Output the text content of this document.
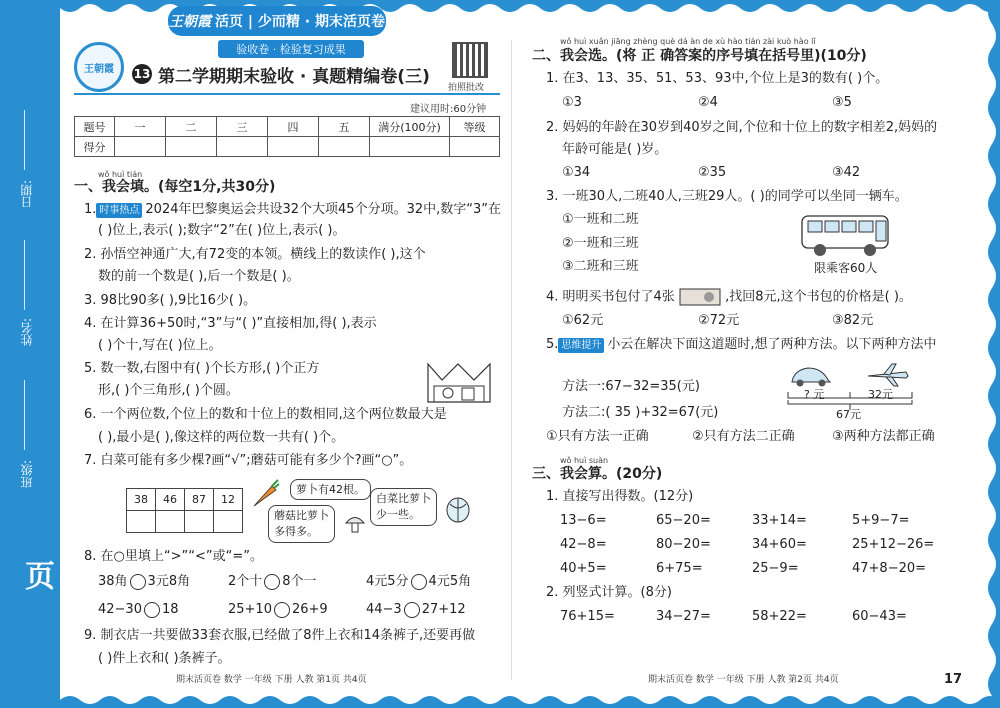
日期:
姓名:
班级:
王朝霞活页
王朝霞 活页 | 少而精 · 期末活页卷
王朝霞
验收卷 · 检验复习成果
13 第二学期期末验收 · 真题精编卷(三)
拍照批改
建议用时:60分钟
题号	一	二	三	四	五	满分(100分)	等级
得分							
wǒ huì tián
一、我会填。(每空1分,共30分)
1. 时事热点 2024年巴黎奥运会共设32个大项45个分项。32中,数字“3”在
( )位上,表示( );数字“2”在( )位上,表示( )。
2. 孙悟空神通广大,有72变的本领。横线上的数读作( ),这个
数的前一个数是( ),后一个数是( )。
3. 98比90多( ),9比16少( )。
4. 在计算36+50时,“3”与“( )”直接相加,得( ),表示
( )个十,写在( )位上。
5. 数一数,右图中有( )个长方形,( )个正方
形,( )个三角形,( )个圆。
6. 一个两位数,个位上的数和十位上的数相同,这个两位数最大是
( ),最小是( ),像这样的两位数一共有( )个。
7. 白菜可能有多少棵?画“√”;蘑菇可能有多少个?画“○”。
38	46	87	12

萝卜有42根。
白菜比萝卜
少一些。
蘑菇比萝卜
多得多。
8. 在○里填上“>”“<”或“=”。
38角 3元8角	2个十 8个一	4元5分 4元5角
42−30 18	25+10 26+9	44−3 27+12
9. 制衣店一共要做33套衣服,已经做了8件上衣和14条裤子,还要再做
( )件上衣和( )条裤子。
期末活页卷 数学 一年级 下册 人教 第1页 共4页
wǒ huì xuǎn jiāng zhèng què dá àn de xù hào tián zài kuò hào lǐ
二、我会选。(将 正 确答案的序号填在括号里)(10分)
1. 在3、13、35、51、53、93中,个位上是3的数有( )个。
①3	②4	③5
2. 妈妈的年龄在30岁到40岁之间,个位和十位上的数字相差2,妈妈的
年龄可能是( )岁。
①34	②35	③42
3. 一班30人,二班40人,三班29人。( )的同学可以坐同一辆车。
①一班和二班
②一班和三班
③二班和三班	限乘客60人
4. 明明买书包付了4张	,找回8元,这个书包的价格是( )。
①62元	②72元	③82元
5. 思维提升 小云在解决下面这道题时,想了两种方法。以下两种方法中
方法一:67−32=35(元)
方法二:( 35 )+32=67(元)
? 元	32元
67元
①只有方法一正确	②只有方法二正确	③两种方法都正确
wǒ huì suàn
三、我会算。(20分)
1. 直接写出得数。(12分)
13−6=	65−20=	33+14=	5+9−7=
42−8=	80−20=	34+60=	25+12−26=
40+5=	6+75=	25−9=	47+8−20=
2. 列竖式计算。(8分)
76+15=	34−27=	58+22=	60−43=
期末活页卷 数学 一年级 下册 人教 第2页 共4页	17
